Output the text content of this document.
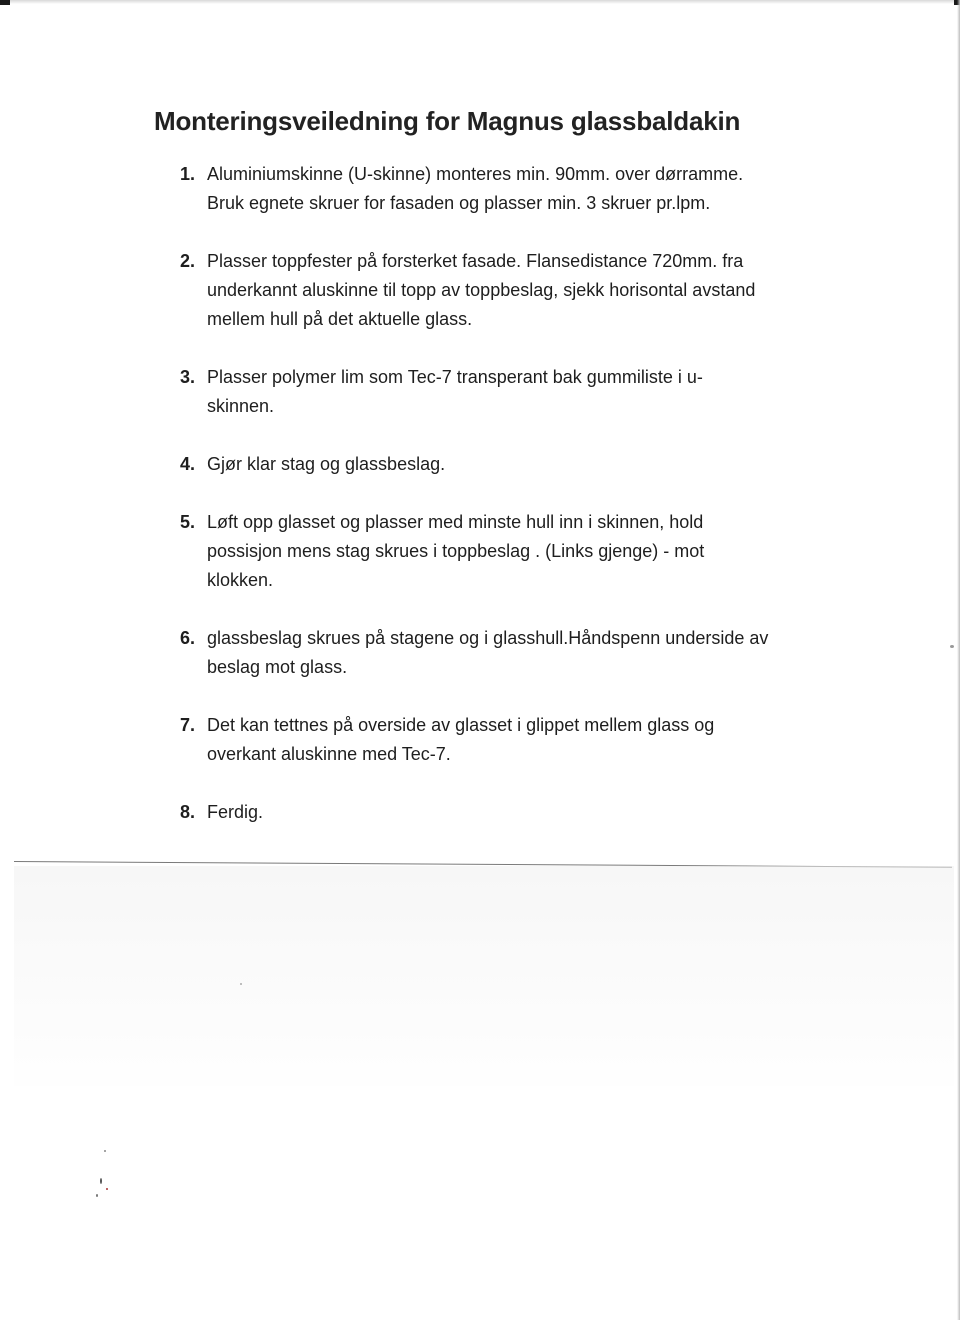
Monteringsveiledning for Magnus glassbaldakin
1. Aluminiumskinne (U-skinne) monteres min. 90mm. over dørramme. Bruk egnete skruer for fasaden og plasser min. 3 skruer pr.lpm.
2. Plasser toppfester på forsterket fasade. Flansedistance 720mm. fra underkannt aluskinne til topp av toppbeslag, sjekk horisontal avstand mellem hull på det aktuelle glass.
3. Plasser polymer lim som Tec-7 transperant bak gummiliste i u-skinnen.
4. Gjør klar stag og glassbeslag.
5. Løft opp glasset og plasser med minste hull inn i skinnen, hold possisjon mens stag skrues i toppbeslag . (Links gjenge) - mot klokken.
6. glassbeslag skrues på stagene og i glasshull.Håndspenn underside av beslag mot glass.
7. Det kan tettnes på overside av glasset i glippet mellem glass og overkant aluskinne med Tec-7.
8. Ferdig.
